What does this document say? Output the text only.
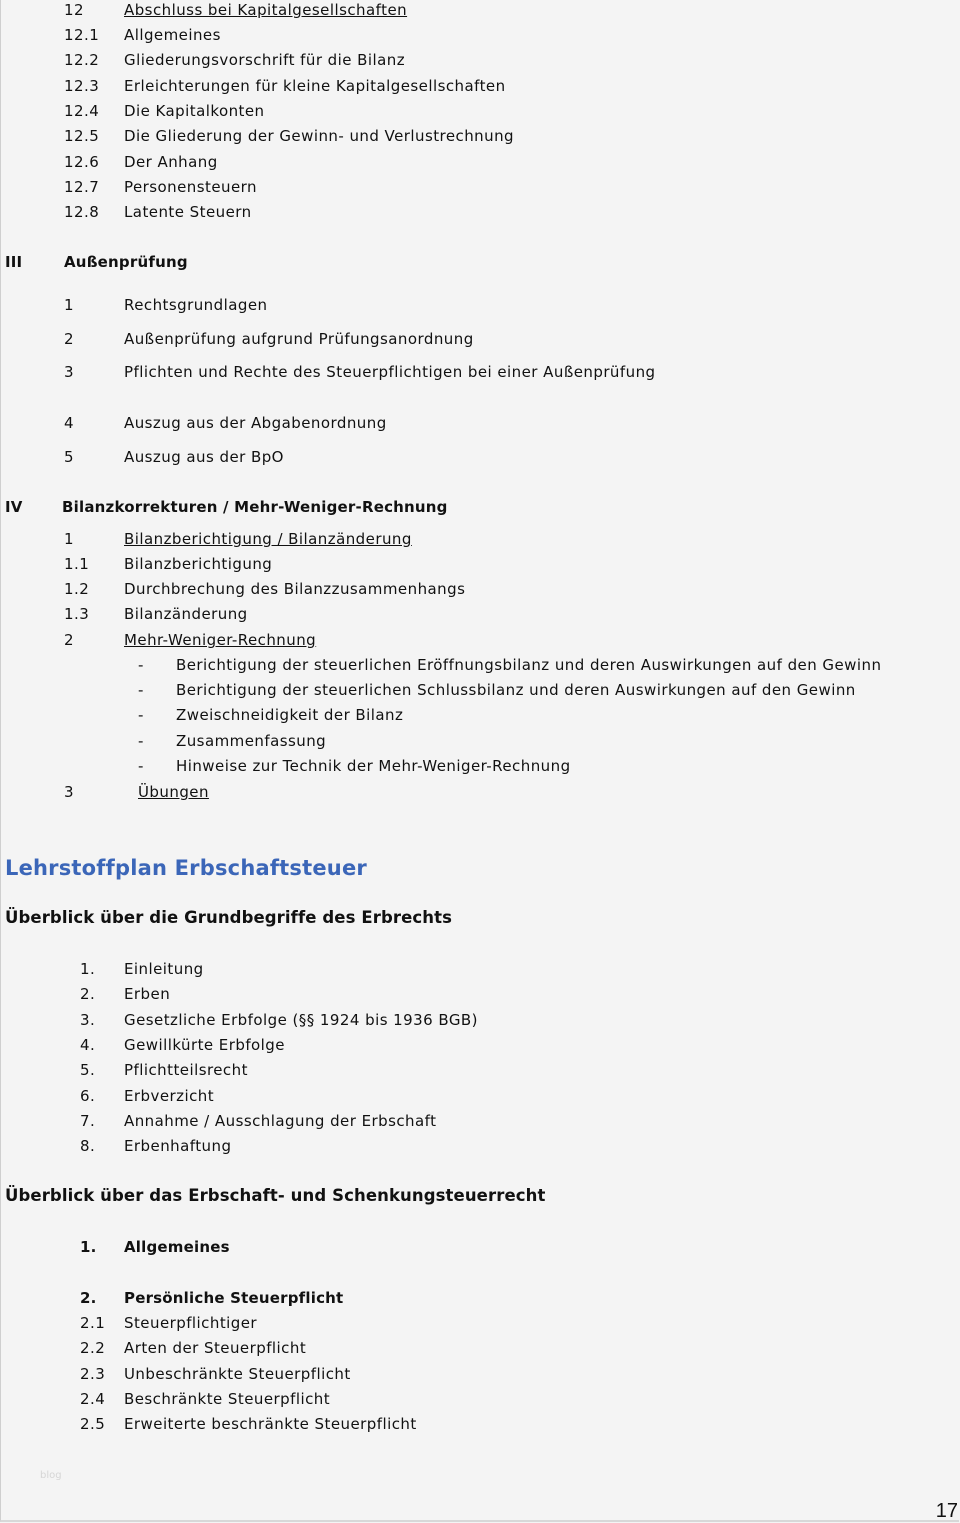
12	Abschluss bei Kapitalgesellschaften
12.1 Allgemeines
12.2 Gliederungsvorschrift für die Bilanz
12.3 Erleichterungen für kleine Kapitalgesellschaften
12.4 Die Kapitalkonten
12.5 Die Gliederung der Gewinn- und Verlustrechnung
12.6 Der Anhang
12.7 Personensteuern
12.8 Latente Steuern
III	Außenprüfung
1	Rechtsgrundlagen
2	Außenprüfung aufgrund Prüfungsanordnung
3	Pflichten und Rechte des Steuerpflichtigen bei einer Außenprüfung
4	Auszug aus der Abgabenordnung
5	Auszug aus der BpO
IV	Bilanzkorrekturen / Mehr-Weniger-Rechnung
1	Bilanzberichtigung / Bilanzänderung
1.1 Bilanzberichtigung
1.2 Durchbrechung des Bilanzzusammenhangs
1.3 Bilanzänderung
2	Mehr-Weniger-Rechnung
- Berichtigung der steuerlichen Eröffnungsbilanz und deren Auswirkungen auf den Gewinn
- Berichtigung der steuerlichen Schlussbilanz und deren Auswirkungen auf den Gewinn
- Zweischneidigkeit der Bilanz
- Zusammenfassung
- Hinweise zur Technik der Mehr-Weniger-Rechnung
3	Übungen
Lehrstoffplan Erbschaftsteuer
Überblick über die Grundbegriffe des Erbrechts
1. Einleitung
2. Erben
3. Gesetzliche Erbfolge (§§ 1924 bis 1936 BGB)
4. Gewillkürte Erbfolge
5. Pflichtteilsrecht
6. Erbverzicht
7. Annahme / Ausschlagung der Erbschaft
8. Erbenhaftung
Überblick über das Erbschaft- und Schenkungsteuerrecht
1. Allgemeines
2. Persönliche Steuerpflicht
2.1 Steuerpflichtiger
2.2 Arten der Steuerpflicht
2.3 Unbeschränkte Steuerpflicht
2.4 Beschränkte Steuerpflicht
2.5 Erweiterte beschränkte Steuerpflicht
blog
17
